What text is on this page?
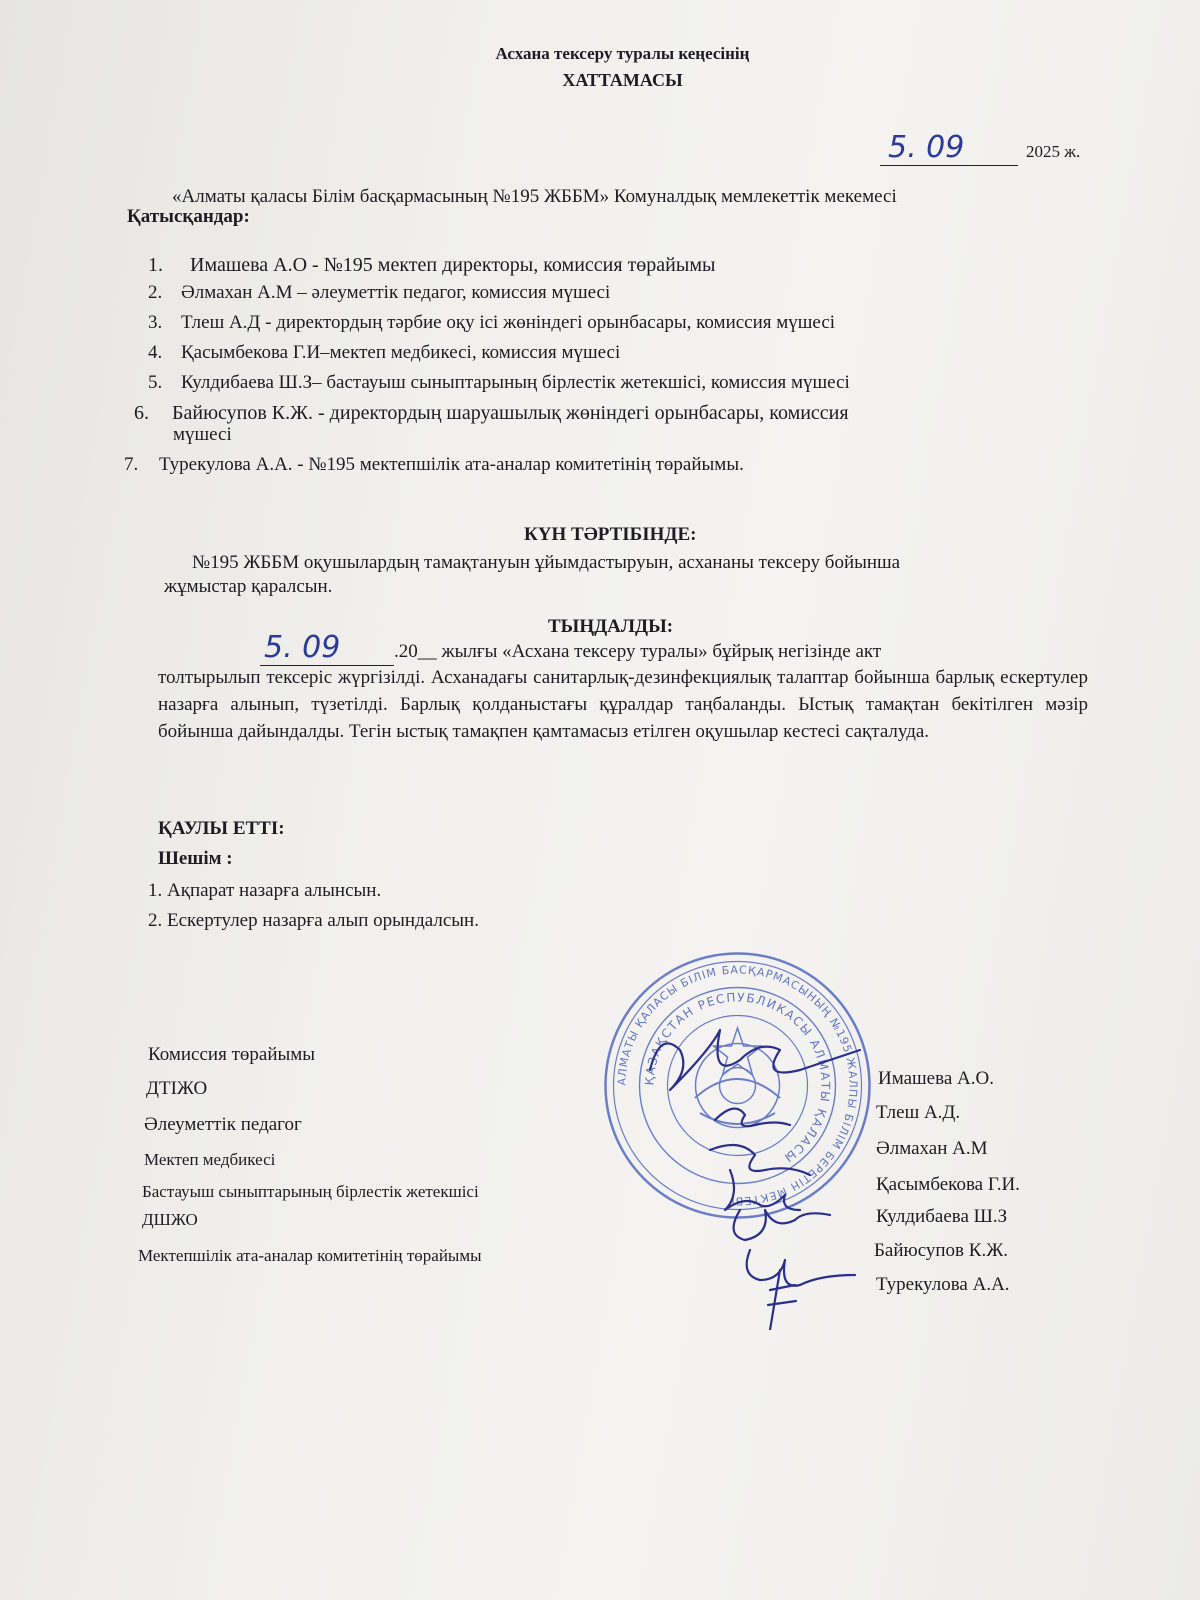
Асхана тексеру туралы кеңесінің
ХАТТАМАСЫ
5. 09	2025 ж.
«Алматы қаласы Білім басқармасының №195 ЖББМ» Комуналдық мемлекеттік мекемесі
Қатысқандар:
1. Имашева А.О - №195 мектеп директоры, комиссия төрайымы
2. Әлмахан А.М – әлеуметтік педагог, комиссия мүшесі
3. Тлеш А.Д - директордың тәрбие оқу ісі жөніндегі орынбасары, комиссия мүшесі
4. Қасымбекова Г.И–мектеп медбикесі, комиссия мүшесі
5. Кулдибаева Ш.З– бастауыш сыныптарының бірлестік жетекшісі, комиссия мүшесі
6. Байюсупов К.Ж. - директордың шаруашылық жөніндегі орынбасары, комиссия
мүшесі
7. Турекулова А.А. - №195 мектепшілік ата-аналар комитетінің төрайымы.
КҮН ТӘРТІБІНДЕ:
№195 ЖББМ оқушылардың тамақтануын ұйымдастыруын, асхананы тексеру бойынша
жұмыстар қаралсын.
ТЫҢДАЛДЫ:
5. 09	.20__ жылғы «Асхана тексеру туралы» бұйрық негізінде акт
толтырылып тексеріс жүргізілді. Асханадағы санитарлық-дезинфекциялық талаптар бойынша барлық ескертулер назарға алынып, түзетілді. Барлық қолданыстағы құралдар таңбаланды. Ыстық тамақтан бекітілген мәзір бойынша дайындалды. Тегін ыстық тамақпен қамтамасыз етілген оқушылар кестесі сақталуда.
ҚАУЛЫ ЕТТІ:
Шешім :
1. Ақпарат назарға алынсын.
2. Ескертулер назарға алып орындалсын.
АЛМАТЫ ҚАЛАСЫ БІЛІМ БАСҚАРМАСЫНЫҢ №195 ЖАЛПЫ БІЛІМ БЕРЕТІН МЕКТЕБІ
ҚАЗАҚСТАН РЕСПУБЛИКАСЫ АЛМАТЫ ҚАЛАСЫ
Комиссия төрайымы
ДТІЖО
Әлеуметтік педагог
Мектеп медбикесі
Бастауыш сыныптарының бірлестік жетекшісі
ДШЖО
Мектепшілік ата-аналар комитетінің төрайымы
Имашева А.О.
Тлеш А.Д.
Әлмахан А.М
Қасымбекова Г.И.
Кулдибаева Ш.З
Байюсупов К.Ж.
Турекулова А.А.
